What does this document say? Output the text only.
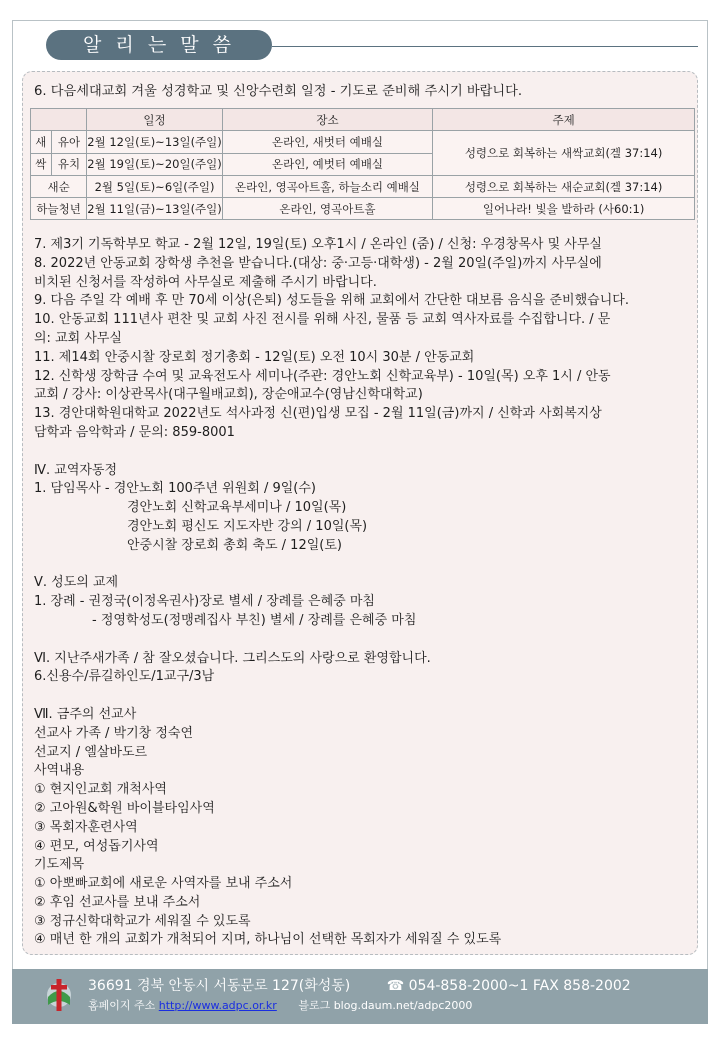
알 리 는 말 씀
6. 다음세대교회 겨울 성경학교 및 신앙수련회 일정 - 기도로 준비해 주시기 바랍니다.
		일정	장소	주제
새	유아	2월 12일(토)~13일(주일)	온라인, 새벗터 예배실	성령으로 회복하는 새싹교회(겔 37:14)
싹	유치	2월 19일(토)~20일(주일)	온라인, 예벗터 예배실	
새순		2월 5일(토)~6일(주일)	온라인, 영곡아트홀, 하늘소리 예배실	성령으로 회복하는 새순교회(겔 37:14)
하늘청년		2월 11일(금)~13일(주일)	온라인, 영곡아트홀	일어나라! 빛을 발하라 (사60:1)
7. 제3기 기독학부모 학교 - 2월 12일, 19일(토) 오후1시 / 온라인 (줌) / 신청: 우경창목사 및 사무실
8. 2022년 안동교회 장학생 추천을 받습니다.(대상: 중·고등·대학생) - 2월 20일(주일)까지 사무실에
비치된 신청서를 작성하여 사무실로 제출해 주시기 바랍니다.
9. 다음 주일 각 예배 후 만 70세 이상(은퇴) 성도들을 위해 교회에서 간단한 대보름 음식을 준비했습니다.
10. 안동교회 111년사 편찬 및 교회 사진 전시를 위해 사진, 물품 등 교회 역사자료를 수집합니다. / 문
의: 교회 사무실
11. 제14회 안중시찰 장로회 정기총회 - 12일(토) 오전 10시 30분 / 안동교회
12. 신학생 장학금 수여 및 교육전도사 세미나(주관: 경안노회 신학교육부) - 10일(목) 오후 1시 / 안동
교회 / 강사: 이상관목사(대구월배교회), 장순애교수(영남신학대학교)
13. 경안대학원대학교 2022년도 석사과정 신(편)입생 모집 - 2월 11일(금)까지 / 신학과 사회복지상
담학과 음악학과 / 문의: 859-8001
Ⅳ. 교역자동정
1. 담임목사 - 경안노회 100주년 위원회 / 9일(수)
경안노회 신학교육부세미나 / 10일(목)
경안노회 평신도 지도자반 강의 / 10일(목)
안중시찰 장로회 총회 축도 / 12일(토)
Ⅴ. 성도의 교제
1. 장례 - 권정국(이정옥권사)장로 별세 / 장례를 은혜중 마침
- 정영학성도(정맹례집사 부친) 별세 / 장례를 은혜중 마침
Ⅵ. 지난주새가족 / 참 잘오셨습니다. 그리스도의 사랑으로 환영합니다.
6.신용수/류길하인도/1교구/3남
Ⅶ. 금주의 선교사
선교사 가족 / 박기창 정숙연
선교지 / 엘살바도르
사역내용
① 현지인교회 개척사역
② 고아원&학원 바이블타임사역
③ 목회자훈련사역
④ 편모, 여성돕기사역
기도제목
① 아뽀빠교회에 새로운 사역자를 보내 주소서
② 후임 선교사를 보내 주소서
③ 정규신학대학교가 세워질 수 있도록
④ 매년 한 개의 교회가 개척되어 지며, 하나님이 선택한 목회자가 세워질 수 있도록
36691 경북 안동시 서동문로 127(화성동)	☎ 054-858-2000~1 FAX 858-2002
홈페이지 주소 http://www.adpc.or.kr 블로그 blog.daum.net/adpc2000
